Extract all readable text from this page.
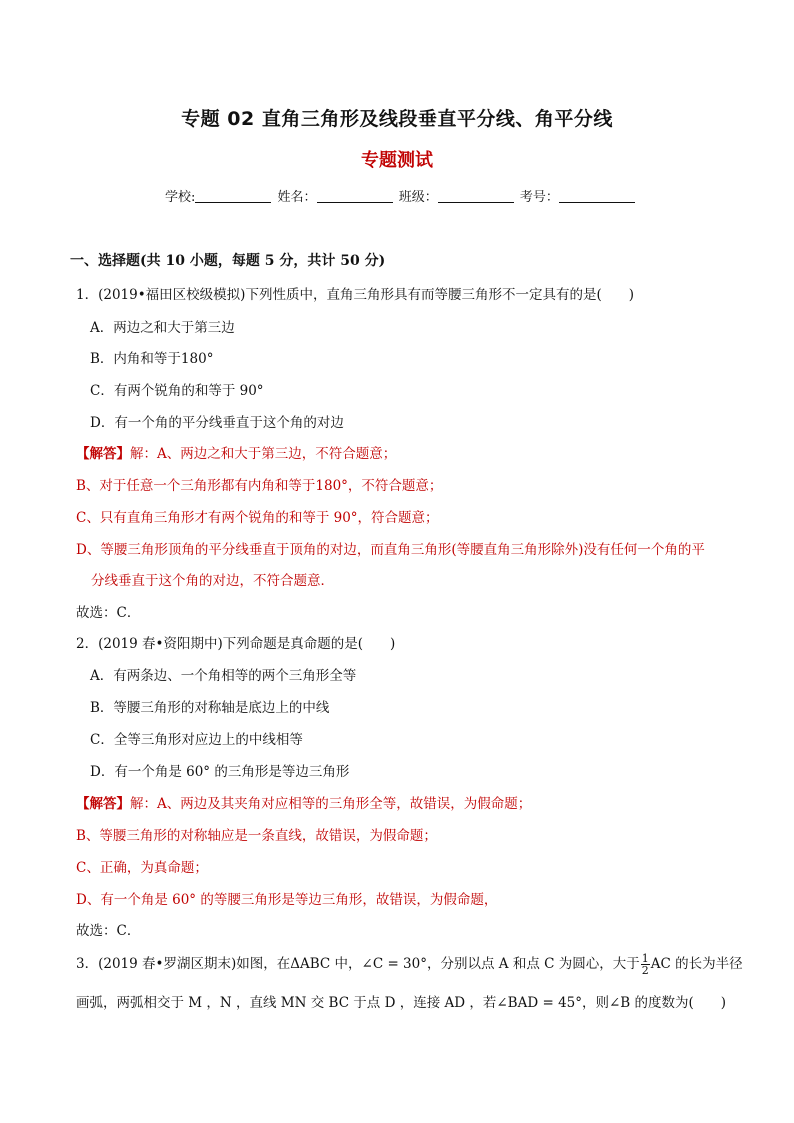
专题 02 直角三角形及线段垂直平分线、角平分线
专题测试
学校:	姓名：	班级：	考号：
一、选择题(共 10 小题，每题 5 分，共计 50 分)
1．(2019•福田区校级模拟)下列性质中，直角三角形具有而等腰三角形不一定具有的是(　　)
A．两边之和大于第三边
B．内角和等于180°
C．有两个锐角的和等于 90°
D．有一个角的平分线垂直于这个角的对边
【解答】解：A、两边之和大于第三边，不符合题意；
B、对于任意一个三角形都有内角和等于180°，不符合题意；
C、只有直角三角形才有两个锐角的和等于 90°，符合题意；
D、等腰三角形顶角的平分线垂直于顶角的对边，而直角三角形(等腰直角三角形除外)没有任何一个角的平
分线垂直于这个角的对边，不符合题意．
故选：C．
2．(2019 春•资阳期中)下列命题是真命题的是(　　)
A．有两条边、一个角相等的两个三角形全等
B．等腰三角形的对称轴是底边上的中线
C．全等三角形对应边上的中线相等
D．有一个角是 60° 的三角形是等边三角形
【解答】解：A、两边及其夹角对应相等的三角形全等，故错误，为假命题；
B、等腰三角形的对称轴应是一条直线，故错误，为假命题；
C、正确，为真命题；
D、有一个角是 60° 的等腰三角形是等边三角形，故错误，为假命题，
故选：C．
3．(2019 春•罗湖区期末)如图，在ΔABC 中，∠C = 30°，分别以点 A 和点 C 为圆心，大于 $\frac{1}{2}$ AC 的长为半径
画弧，两弧相交于 M ，N ，直线 MN 交 BC 于点 D ，连接 AD ，若∠BAD = 45°，则∠B 的度数为(　　)
